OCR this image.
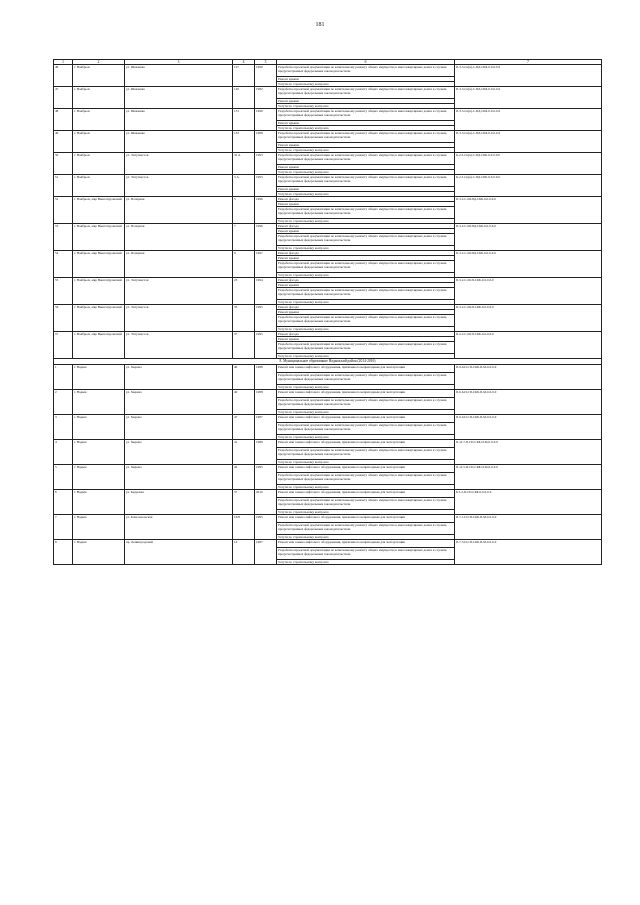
181
1	2	3	4	5	6	7
46	г. Ноябрьск	ул. Шевченко	127	1990	Разработка проектной документации по капитальному ремонту общего имущества в многоквартирных домах в случаях, предусмотренных федеральным законодательством	П-3-3-Сн(н)-С-ПД-СКБ-0-0-0-0-0
					Ремонт крыши	
					Услуги по строительному контролю	
47	г. Ноябрьск	ул. Шевченко	129	1982	Разработка проектной документации по капитальному ремонту общего имущества в многоквартирных домах в случаях, предусмотренных федеральным законодательством	П-3-3-Сн(н)-С-ПД-СКБ-0-0-0-0-0
					Ремонт крыши	
					Услуги по строительному контролю	
48	г. Ноябрьск	ул. Шевченко	131	1990	Разработка проектной документации по капитальному ремонту общего имущества в многоквартирных домах в случаях, предусмотренных федеральным законодательством	П-3-3-Сн(н)-С-ПД-СКБ-0-0-0-0-0
					Ремонт крыши	
					Услуги по строительному контролю	
49	г. Ноябрьск	ул. Шевченко	133	1988	Разработка проектной документации по капитальному ремонту общего имущества в многоквартирных домах в случаях, предусмотренных федеральным законодательством	П-3-3-Сн(н)-С-ПД-СКБ-0-0-0-0-0
					Ремонт крыши	
					Услуги по строительному контролю	
50	г. Ноябрьск	ул. Энтузиастов	32 А	1993	Разработка проектной документации по капитальному ремонту общего имущества в многоквартирных домах в случаях, предусмотренных федеральным законодательством	К-2-3-Сн(н)-С-ПД-СКБ-0-0-0-0-0
					Ремонт крыши	
					Услуги по строительному контролю	
51	г. Ноябрьск	ул. Энтузиастов	3 А	1993	Разработка проектной документации по капитальному ремонту общего имущества в многоквартирных домах в случаях, предусмотренных федеральным законодательством	К-2-3-Сн(н)-С-ПД-СКБ-0-0-0-0-0
					Ремонт крыши	
					Услуги по строительному контролю	
52	г. Ноябрьск, мкр Вынгапуровский	ул. Полярная	5	1996	Ремонт фасада	П-3-2-С-Ш-ПД-СКБ-0-0-0-0-0
					Ремонт крыши	
					Разработка проектной документации по капитальному ремонту общего имущества в многоквартирных домах в случаях, предусмотренных федеральным законодательством	
					Услуги по строительному контролю	
53	г. Ноябрьск, мкр Вынгапуровский	ул. Полярная	7	1996	Ремонт фасада	П-3-2-С-Ш-ПД-СКБ-0-0-0-0-0
					Ремонт крыши	
					Разработка проектной документации по капитальному ремонту общего имущества в многоквартирных домах в случаях, предусмотренных федеральным законодательством	
					Услуги по строительному контролю	
54	г. Ноябрьск, мкр Вынгапуровский	ул. Полярная	9	1997	Ремонт фасада	П-3-2-С-Ш-ПД-СКБ-0-0-0-0-0
					Ремонт крыши	
					Разработка проектной документации по капитальному ремонту общего имущества в многоквартирных домах в случаях, предусмотренных федеральным законодательством	
					Услуги по строительному контролю	
55	г. Ноябрьск, мкр Вынгапуровский	ул. Энтузиастов	23	1994	Ремонт фасада	П-3-2-С-Ш-П-СКБ-0-0-0-0-0
					Ремонт крыши	
					Разработка проектной документации по капитальному ремонту общего имущества в многоквартирных домах в случаях, предусмотренных федеральным законодательством	
					Услуги по строительному контролю	
56	г. Ноябрьск, мкр Вынгапуровский	ул. Энтузиастов	35	1995	Ремонт фасада	П-3-2-С-Ш-П-СКБ-0-0-0-0-0
					Ремонт крыши	
					Разработка проектной документации по капитальному ремонту общего имущества в многоквартирных домах в случаях, предусмотренных федеральным законодательством	
					Услуги по строительному контролю	
57	г. Ноябрьск, мкр Вынгапуровский	ул. Энтузиастов	37	1995	Ремонт фасада	П-2-2-С-Ш-П-СКБ-0-0-0-0-0
					Ремонт крыши	
					Разработка проектной документации по капитальному ремонту общего имущества в многоквартирных домах в случаях, предусмотренных федеральным законодательством	
					Услуги по строительному контролю	
8. Муниципальное образование Надымский район (2014-2016)						
1	г. Надым	ул. Зверева	40	1988	Ремонт или замена лифтового оборудования, признанного непригодным для эксплуатации	П-9-6-П-СП-СКБ-П-М-0-0-0-0
					Разработка проектной документации по капитальному ремонту общего имущества в многоквартирных домах в случаях, предусмотренных федеральным законодательством	
					Услуги по строительному контролю	
2	г. Надым	ул. Зверева	40	1988	Ремонт или замена лифтового оборудования, признанного непригодным для эксплуатации	П-9-6-П-СП-СКБ-П-М-0-0-0-0
					Разработка проектной документации по капитальному ремонту общего имущества в многоквартирных домах в случаях, предусмотренных федеральным законодательством	
					Услуги по строительному контролю	
3	г. Надым	ул. Зверева	47	1987	Ремонт или замена лифтового оборудования, признанного непригодным для эксплуатации	П-9-6-П-СП-СКБ-П-М-0-0-0-0
					Разработка проектной документации по капитальному ремонту общего имущества в многоквартирных домах в случаях, предусмотренных федеральным законодательством	
					Услуги по строительному контролю	
4	г. Надым	ул. Зверева	41	1989	Ремонт или замена лифтового оборудования, признанного непригодным для эксплуатации	П-12-7-П-СП-СКБ-П-М-0-0-0-0
					Разработка проектной документации по капитальному ремонту общего имущества в многоквартирных домах в случаях, предусмотренных федеральным законодательством	
					Услуги по строительному контролю	
5	г. Надым	ул. Зверева	42	1985	Ремонт или замена лифтового оборудования, признанного непригодным для эксплуатации	П-12-5-П-СП-СКБ-П-М-0-0-0-0
					Разработка проектной документации по капитальному ремонту общего имущества в многоквартирных домах в случаях, предусмотренных федеральным законодательством	
					Услуги по строительному контролю	
6	г. Надым	ул. Кедровая	37	2010	Ремонт или замена лифтового оборудования, признанного непригодным для эксплуатации	Б-5-2-П-СП-СКБ-0-0-0-0-0
					Разработка проектной документации по капитальному ремонту общего имущества в многоквартирных домах в случаях, предусмотренных федеральным законодательством	
					Услуги по строительному контролю	
7	г. Надым	ул. Комсомольская	16/8	1985	Ремонт или замена лифтового оборудования, признанного непригодным для эксплуатации	П-7-1-П-СП-СКБ-П-М-0-0-0-0
					Разработка проектной документации по капитальному ремонту общего имущества в многоквартирных домах в случаях, предусмотренных федеральным законодательством	
					Услуги по строительному контролю	
8	г. Надым	пр. Ленинградский	14	1987	Ремонт или замена лифтового оборудования, признанного непригодным для эксплуатации	П-7-3-П-СП-СКБ-П-М-0-0-0-0
					Разработка проектной документации по капитальному ремонту общего имущества в многоквартирных домах в случаях, предусмотренных федеральным законодательством	
					Услуги по строительному контролю	
